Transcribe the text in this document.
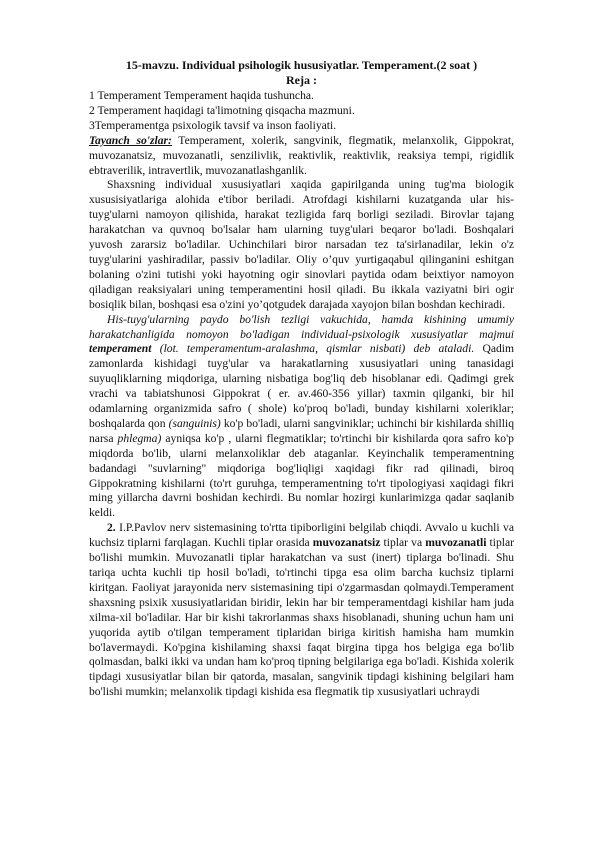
15-mavzu. Individual psihologik hususiyatlar. Temperament.(2 soat )

Reja :

1 Temperament Temperament haqida tushuncha.

2 Temperament haqidagi ta'limotning qisqacha mazmuni.

3Temperamentga psixologik tavsif va inson faoliyati.

Tayanch so'zlar: Temperament, xolerik, sangvinik, flegmatik, melanxolik, Gippokrat, muvozanatsiz, muvozanatli, senzilivlik, reaktivlik, reaktivlik, reaksiya tempi, rigidlik ebtraverilik, intravertlik, muvozanatlashganlik.

Shaxsning individual xususiyatlari xaqida gapirilganda uning tug'ma biologik xususisiyatlariga alohida e'tibor beriladi. Atrofdagi kishilarni kuzatganda ular his-tuyg'ularni namoyon qilishida, harakat tezligida farq borligi seziladi. Birovlar tajang harakatchan va quvnoq bo'lsalar ham ularning tuyg'ulari beqaror bo'ladi. Boshqalari yuvosh zararsiz bo'ladilar. Uchinchilari biror narsadan tez ta'sirlanadilar, lekin o'z tuyg'ularini yashiradilar, passiv bo'ladilar. Oliy o’quv yurtigaqabul qilinganini eshitgan bolaning o'zini tutishi yoki hayotning ogir sinovlari paytida odam beixtiyor namoyon qiladigan reaksiyalari uning temperamentini hosil qiladi. Bu ikkala vaziyatni biri ogir bosiqlik bilan, boshqasi esa o'zini yo’qotgudek darajada xayojon bilan boshdan kechiradi.

His-tuyg'ularning paydo bo'lish tezligi vakuchida, hamda kishining umumiy harakatchanligida nomoyon bo'ladigan individual-psixologik xususiyatlar majmui temperament (lot. temperamentum-aralashma, qismlar nisbati) deb ataladi. Qadim zamonlarda kishidagi tuyg'ular va harakatlarning xususiyatlari uning tanasidagi suyuqliklarning miqdoriga, ularning nisbatiga bog'liq deb hisoblanar edi. Qadimgi grek vrachi va tabiatshunosi Gippokrat ( er. av.460-356 yillar) taxmin qilganki, bir hil odamlarning organizmida safro ( shole) ko'proq bo'ladi, bunday kishilarni xoleriklar; boshqalarda qon (sanguinis) ko'p bo'ladi, ularni sangviniklar; uchinchi bir kishilarda shilliq narsa phlegma) ayniqsa ko'p , ularni flegmatiklar; to'rtinchi bir kishilarda qora safro ko'p miqdorda bo'lib, ularni melanxoliklar deb ataganlar. Keyinchalik temperamentning badandagi "suvlarning" miqdoriga bog'liqligi xaqidagi fikr rad qilinadi, biroq Gippokratning kishilarni (to'rt guruhga, temperamentning to'rt tipologiyasi xaqidagi fikri ming yillarcha davrni boshidan kechirdi. Bu nomlar hozirgi kunlarimizga qadar saqlanib keldi.

2. I.P.Pavlov nerv sistemasining to'rtta tipiborligini belgilab chiqdi. Avvalo u kuchli va kuchsiz tiplarni farqlagan. Kuchli tiplar orasida muvozanatsiz tiplar va muvozanatli tiplar bo'lishi mumkin. Muvozanatli tiplar harakatchan va sust (inert) tiplarga bo'linadi. Shu tariqa uchta kuchli tip hosil bo'ladi, to'rtinchi tipga esa olim barcha kuchsiz tiplarni kiritgan. Faoliyat jarayonida nerv sistemasining tipi o'zgarmasdan qolmaydi.Temperament shaxsning psixik xususiyatlaridan biridir, lekin har bir temperamentdagi kishilar ham juda xilma-xil bo'ladilar. Har bir kishi takrorlanmas shaxs hisoblanadi, shuning uchun ham uni yuqorida aytib o'tilgan temperament tiplaridan biriga kiritish hamisha ham mumkin bo'lavermaydi. Ko'pgina kishilaming shaxsi faqat birgina tipga hos belgiga ega bo'lib qolmasdan, balki ikki va undan ham ko'proq tipning belgilariga ega bo'ladi. Kishida xolerik tipdagi xususiyatlar bilan bir qatorda, masalan, sangvinik tipdagi kishining belgilari ham bo'lishi mumkin; melanxolik tipdagi kishida esa flegmatik tip xususiyatlari uchraydi
